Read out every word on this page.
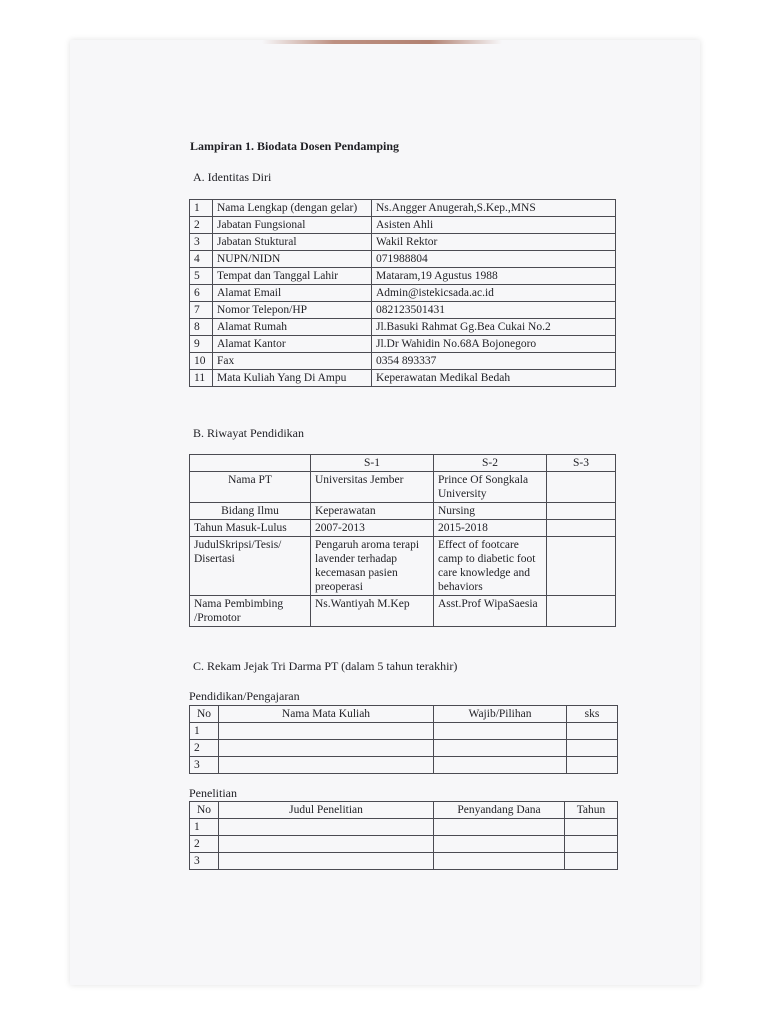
Lampiran 1. Biodata Dosen Pendamping
A. Identitas Diri
1	Nama Lengkap (dengan gelar)	Ns.Angger Anugerah,S.Kep.,MNS
2	Jabatan Fungsional	Asisten Ahli
3	Jabatan Stuktural	Wakil Rektor
4	NUPN/NIDN	071988804
5	Tempat dan Tanggal Lahir	Mataram,19 Agustus 1988
6	Alamat Email	Admin@istekicsada.ac.id
7	Nomor Telepon/HP	082123501431
8	Alamat Rumah	Jl.Basuki Rahmat Gg.Bea Cukai No.2
9	Alamat Kantor	Jl.Dr Wahidin No.68A Bojonegoro
10	Fax	0354 893337
11	Mata Kuliah Yang Di Ampu	Keperawatan Medikal Bedah
B. Riwayat Pendidikan
	S-1	S-2	S-3
Nama PT	Universitas Jember	Prince Of Songkala University	
Bidang Ilmu	Keperawatan	Nursing	
Tahun Masuk-Lulus	2007-2013	2015-2018	
JudulSkripsi/Tesis/ Disertasi	Pengaruh aroma terapi lavender terhadap kecemasan pasien preoperasi	Effect of footcare camp to diabetic foot care knowledge and behaviors	
Nama Pembimbing /Promotor	Ns.Wantiyah M.Kep	Asst.Prof WipaSaesia	
C. Rekam Jejak Tri Darma PT (dalam 5 tahun terakhir)
Pendidikan/Pengajaran
No	Nama Mata Kuliah	Wajib/Pilihan	sks
1			
2			
3			
Penelitian
No	Judul Penelitian	Penyandang Dana	Tahun
1			
2			
3			
